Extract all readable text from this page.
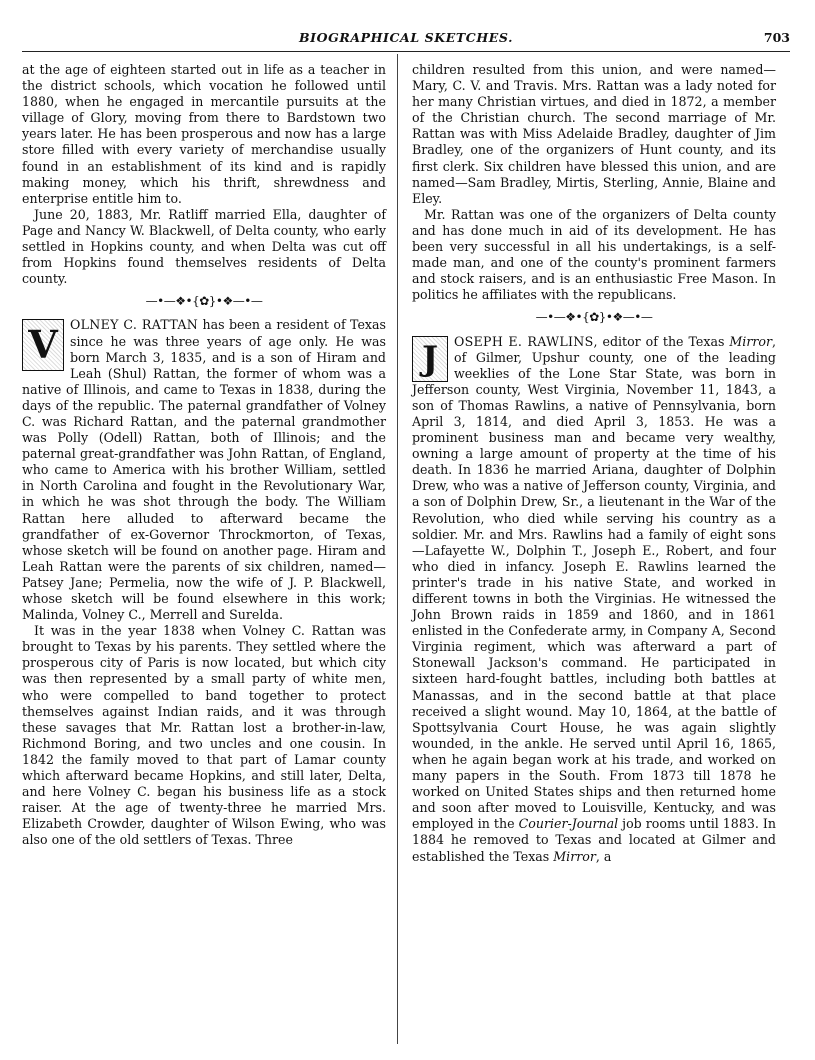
BIOGRAPHICAL SKETCHES.	703

at the age of eighteen started out in life as a teacher in the district schools, which vocation he followed until 1880, when he engaged in mercantile pursuits at the village of Glory, moving from there to Bardstown two years later. He has been prosperous and now has a large store filled with every variety of merchandise usually found in an establishment of its kind and is rapidly making money, which his thrift, shrewdness and enterprise entitle him to.

June 20, 1883, Mr. Ratliff married Ella, daughter of Page and Nancy W. Blackwell, of Delta county, who early settled in Hopkins county, and when Delta was cut off from Hopkins found themselves residents of Delta county.

—•—❖•{✿}•❖—•—

V OLNEY C. RATTAN has been a resident of Texas since he was three years of age only. He was born March 3, 1835, and is a son of Hiram and Leah (Shul) Rattan, the former of whom was a native of Illinois, and came to Texas in 1838, during the days of the republic. The paternal grandfather of Volney C. was Richard Rattan, and the paternal grandmother was Polly (Odell) Rattan, both of Illinois; and the paternal great-grandfather was John Rattan, of England, who came to America with his brother William, settled in North Carolina and fought in the Revolutionary War, in which he was shot through the body. The William Rattan here alluded to afterward became the grandfather of ex-Governor Throckmorton, of Texas, whose sketch will be found on another page. Hiram and Leah Rattan were the parents of six children, named—Patsey Jane; Permelia, now the wife of J. P. Blackwell, whose sketch will be found elsewhere in this work; Malinda, Volney C., Merrell and Surelda.

It was in the year 1838 when Volney C. Rattan was brought to Texas by his parents. They settled where the prosperous city of Paris is now located, but which city was then represented by a small party of white men, who were compelled to band together to protect themselves against Indian raids, and it was through these savages that Mr. Rattan lost a brother-in-law, Richmond Boring, and two uncles and one cousin. In 1842 the family moved to that part of Lamar county which afterward became Hopkins, and still later, Delta, and here Volney C. began his business life as a stock raiser. At the age of twenty-three he married Mrs. Elizabeth Crowder, daughter of Wilson Ewing, who was also one of the old settlers of Texas. Three

children resulted from this union, and were named—Mary, C. V. and Travis. Mrs. Rattan was a lady noted for her many Christian virtues, and died in 1872, a member of the Christian church. The second marriage of Mr. Rattan was with Miss Adelaide Bradley, daughter of Jim Bradley, one of the organizers of Hunt county, and its first clerk. Six children have blessed this union, and are named—Sam Bradley, Mirtis, Sterling, Annie, Blaine and Eley.

Mr. Rattan was one of the organizers of Delta county and has done much in aid of its development. He has been very successful in all his undertakings, is a self-made man, and one of the county's prominent farmers and stock raisers, and is an enthusiastic Free Mason. In politics he affiliates with the republicans.

—•—❖•{✿}•❖—•—

J	OSEPH E. RAWLINS, editor of the Texas Mirror, of Gilmer, Upshur county, one of the leading weeklies of the Lone Star State, was born in Jefferson county, West Virginia, November 11, 1843, a son of Thomas Rawlins, a native of Pennsylvania, born April 3, 1814, and died April 3, 1853. He was a prominent business man and became very wealthy, owning a large amount of property at the time of his death. In 1836 he married Ariana, daughter of Dolphin Drew, who was a native of Jefferson county, Virginia, and a son of Dolphin Drew, Sr., a lieutenant in the War of the Revolution, who died while serving his country as a soldier. Mr. and Mrs. Rawlins had a family of eight sons—Lafayette W., Dolphin T., Joseph E., Robert, and four who died in infancy. Joseph E. Rawlins learned the printer's trade in his native State, and worked in different towns in both the Virginias. He witnessed the John Brown raids in 1859 and 1860, and in 1861 enlisted in the Confederate army, in Company A, Second Virginia regiment, which was afterward a part of Stonewall Jackson's command. He participated in sixteen hard-fought battles, including both battles at Manassas, and in the second battle at that place received a slight wound. May 10, 1864, at the battle of Spottsylvania Court House, he was again slightly wounded, in the ankle. He served until April 16, 1865, when he again began work at his trade, and worked on many papers in the South. From 1873 till 1878 he worked on United States ships and then returned home and soon after moved to Louisville, Kentucky, and was employed in the Courier-Journal job rooms until 1883. In 1884 he removed to Texas and located at Gilmer and established the Texas Mirror, a
